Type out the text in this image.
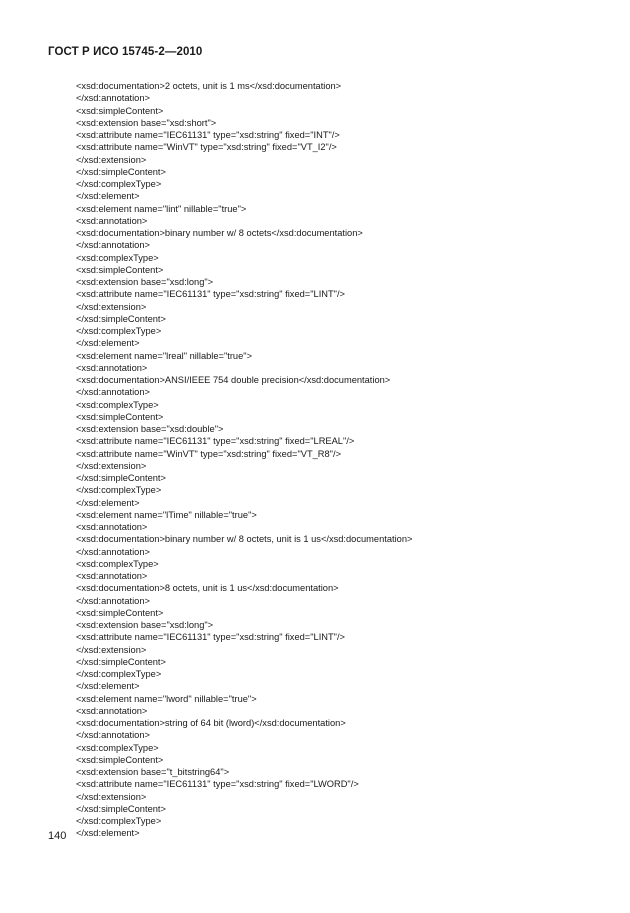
ГОСТ Р ИСО 15745-2—2010
<xsd:documentation>2 octets, unit is 1 ms</xsd:documentation>
</xsd:annotation>
<xsd:simpleContent>
<xsd:extension base="xsd:short">
<xsd:attribute name="IEC61131" type="xsd:string" fixed="INT"/>
<xsd:attribute name="WinVT" type="xsd:string" fixed="VT_I2"/>
</xsd:extension>
</xsd:simpleContent>
</xsd:complexType>
</xsd:element>
<xsd:element name="lint" nillable="true">
<xsd:annotation>
<xsd:documentation>binary number w/ 8 octets</xsd:documentation>
</xsd:annotation>
<xsd:complexType>
<xsd:simpleContent>
<xsd:extension base="xsd:long">
<xsd:attribute name="IEC61131" type="xsd:string" fixed="LINT"/>
</xsd:extension>
</xsd:simpleContent>
</xsd:complexType>
</xsd:element>
<xsd:element name="lreal" nillable="true">
<xsd:annotation>
<xsd:documentation>ANSI/IEEE 754 double precision</xsd:documentation>
</xsd:annotation>
<xsd:complexType>
<xsd:simpleContent>
<xsd:extension base="xsd:double">
<xsd:attribute name="IEC61131" type="xsd:string" fixed="LREAL"/>
<xsd:attribute name="WinVT" type="xsd:string" fixed="VT_R8"/>
</xsd:extension>
</xsd:simpleContent>
</xsd:complexType>
</xsd:element>
<xsd:element name="lTime" nillable="true">
<xsd:annotation>
<xsd:documentation>binary number w/ 8 octets, unit is 1 us</xsd:documentation>
</xsd:annotation>
<xsd:complexType>
<xsd:annotation>
<xsd:documentation>8 octets, unit is 1 us</xsd:documentation>
</xsd:annotation>
<xsd:simpleContent>
<xsd:extension base="xsd:long">
<xsd:attribute name="IEC61131" type="xsd:string" fixed="LINT"/>
</xsd:extension>
</xsd:simpleContent>
</xsd:complexType>
</xsd:element>
<xsd:element name="lword" nillable="true">
<xsd:annotation>
<xsd:documentation>string of 64 bit (lword)</xsd:documentation>
</xsd:annotation>
<xsd:complexType>
<xsd:simpleContent>
<xsd:extension base="t_bitstring64">
<xsd:attribute name="IEC61131" type="xsd:string" fixed="LWORD"/>
</xsd:extension>
</xsd:simpleContent>
</xsd:complexType>
</xsd:element>
140
